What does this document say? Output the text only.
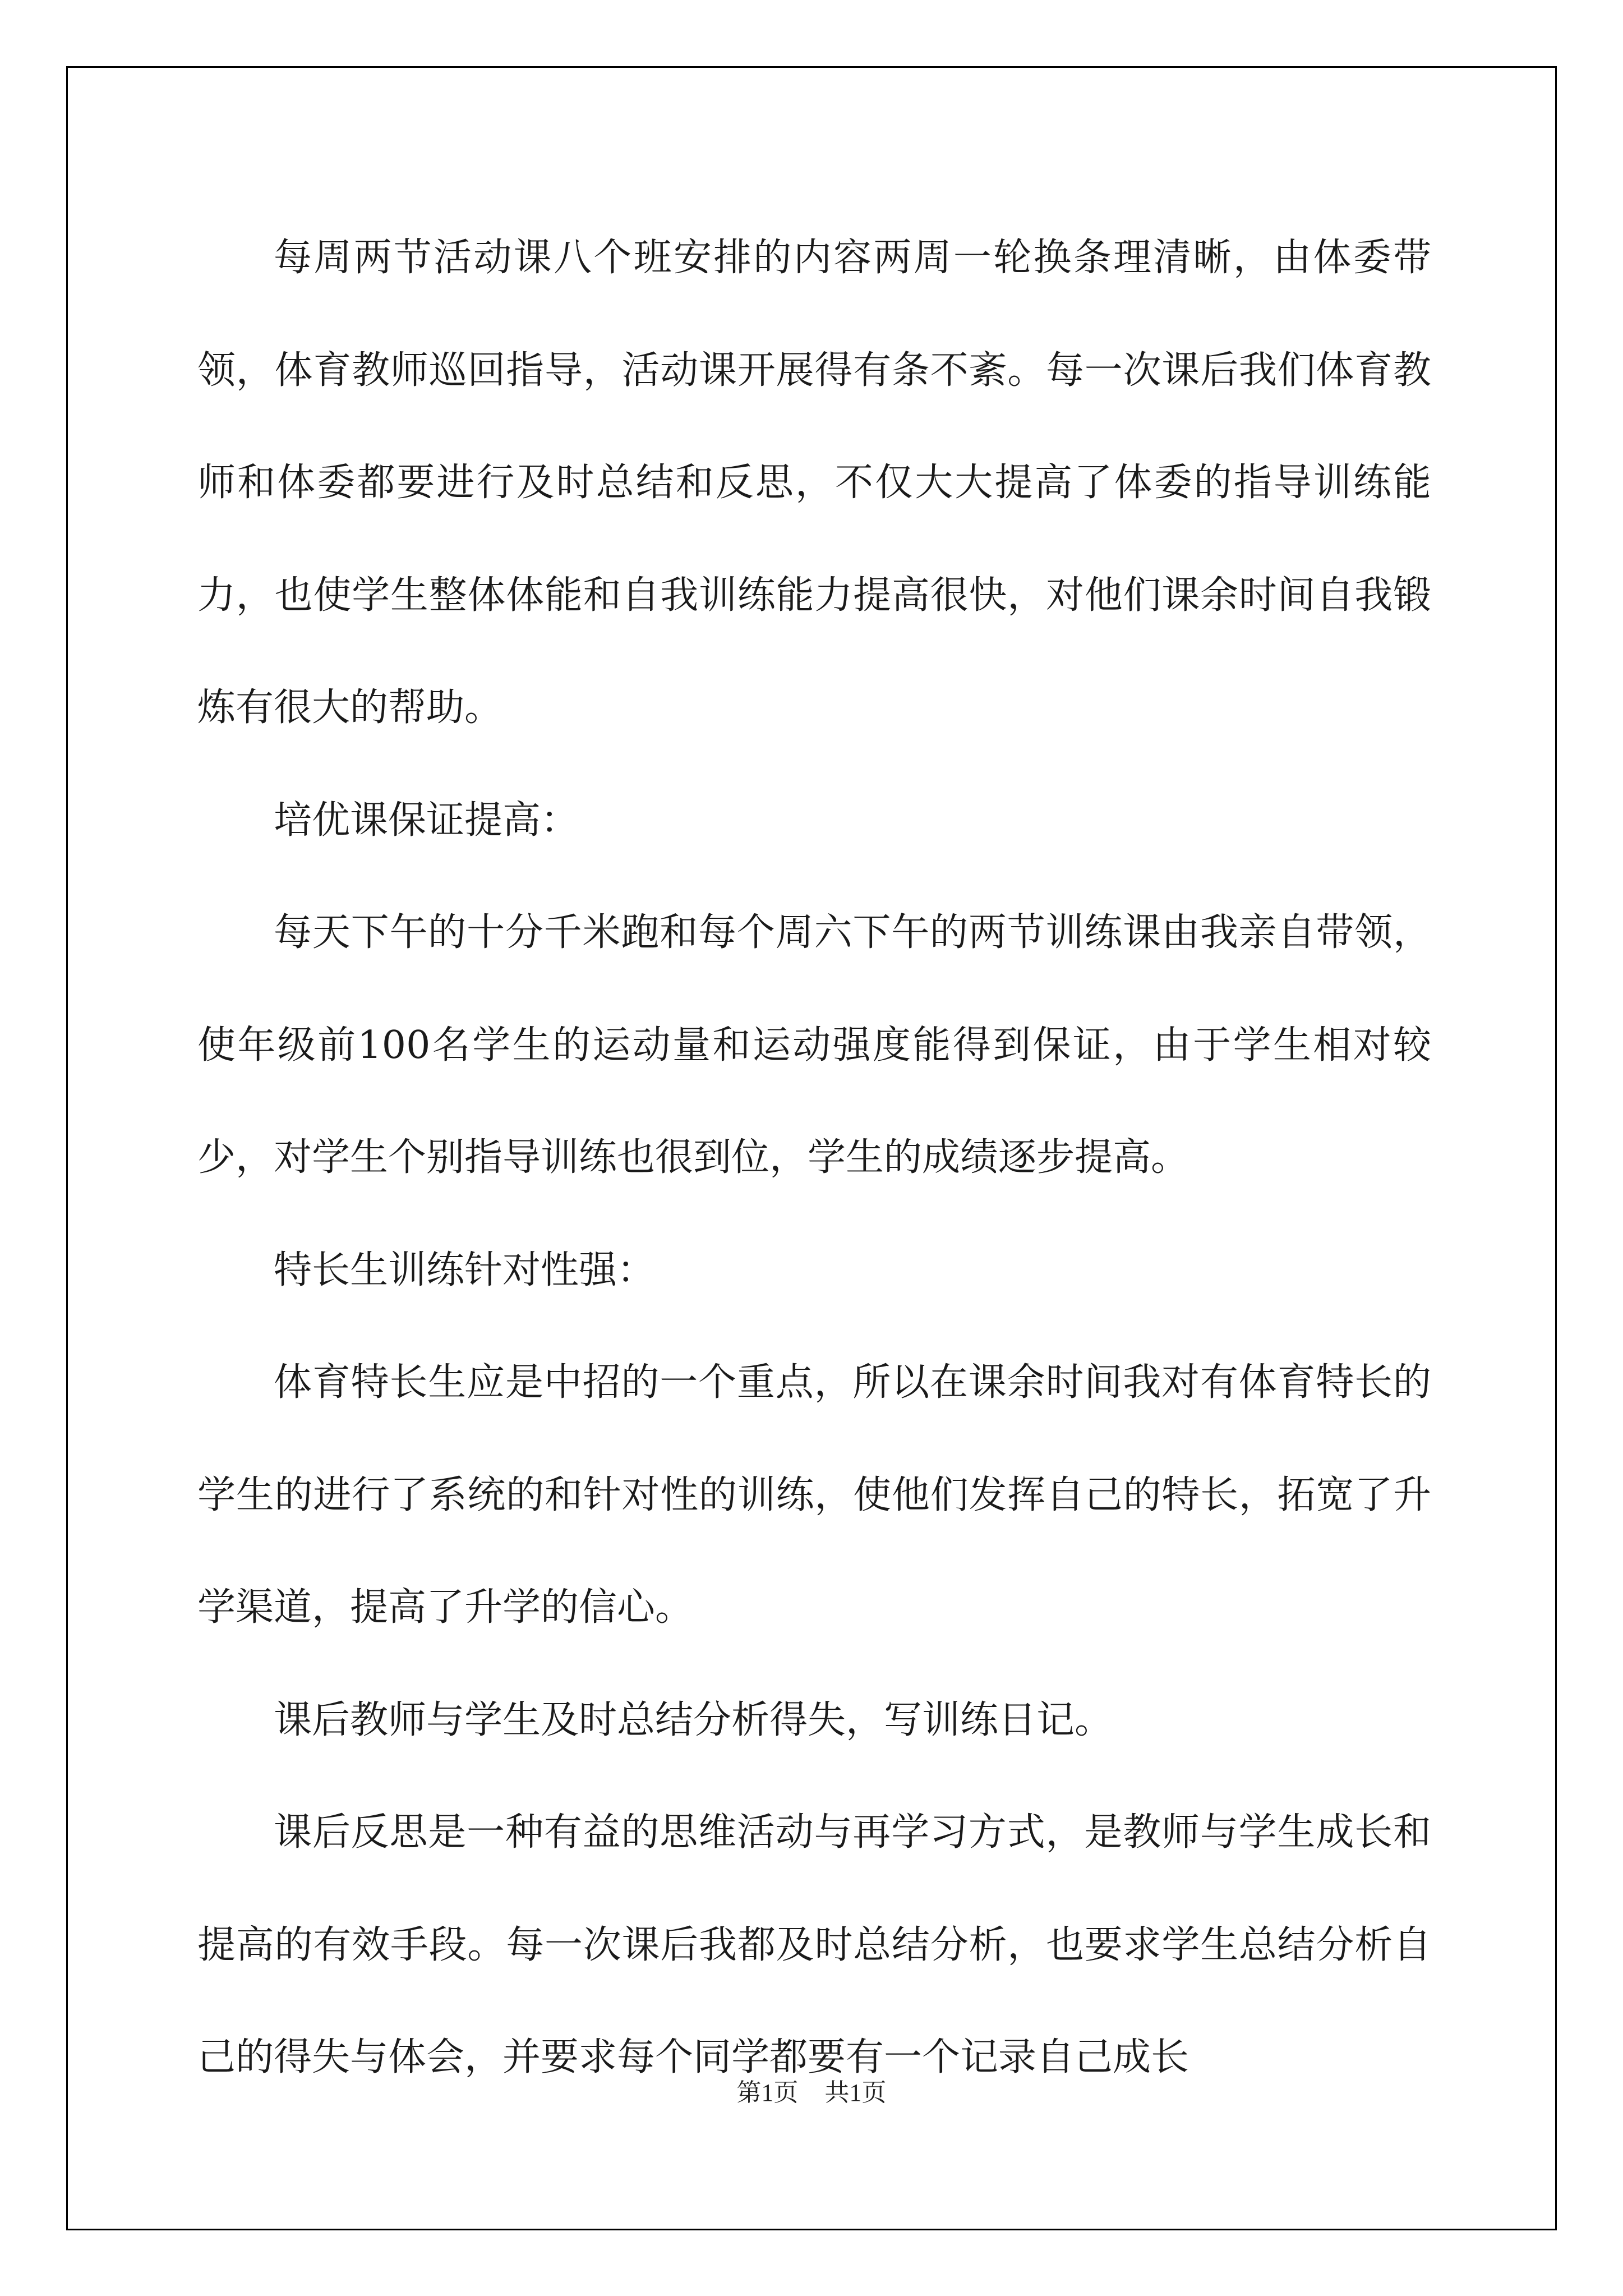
每周两节活动课八个班安排的内容两周一轮换条理清晰，由体委带领，体育教师巡回指导，活动课开展得有条不紊。每一次课后我们体育教师和体委都要进行及时总结和反思，不仅大大提高了体委的指导训练能力，也使学生整体体能和自我训练能力提高很快，对他们课余时间自我锻炼有很大的帮助。

培优课保证提高：

每天下午的十分千米跑和每个周六下午的两节训练课由我亲自带领，使年级前100名学生的运动量和运动强度能得到保证，由于学生相对较少，对学生个别指导训练也很到位，学生的成绩逐步提高。

特长生训练针对性强：

体育特长生应是中招的一个重点，所以在课余时间我对有体育特长的学生的进行了系统的和针对性的训练，使他们发挥自己的特长，拓宽了升学渠道，提高了升学的信心。

课后教师与学生及时总结分析得失，写训练日记。

课后反思是一种有益的思维活动与再学习方式，是教师与学生成长和提高的有效手段。每一次课后我都及时总结分析，也要求学生总结分析自己的得失与体会，并要求每个同学都要有一个记录自己成长

第1页 共1页
